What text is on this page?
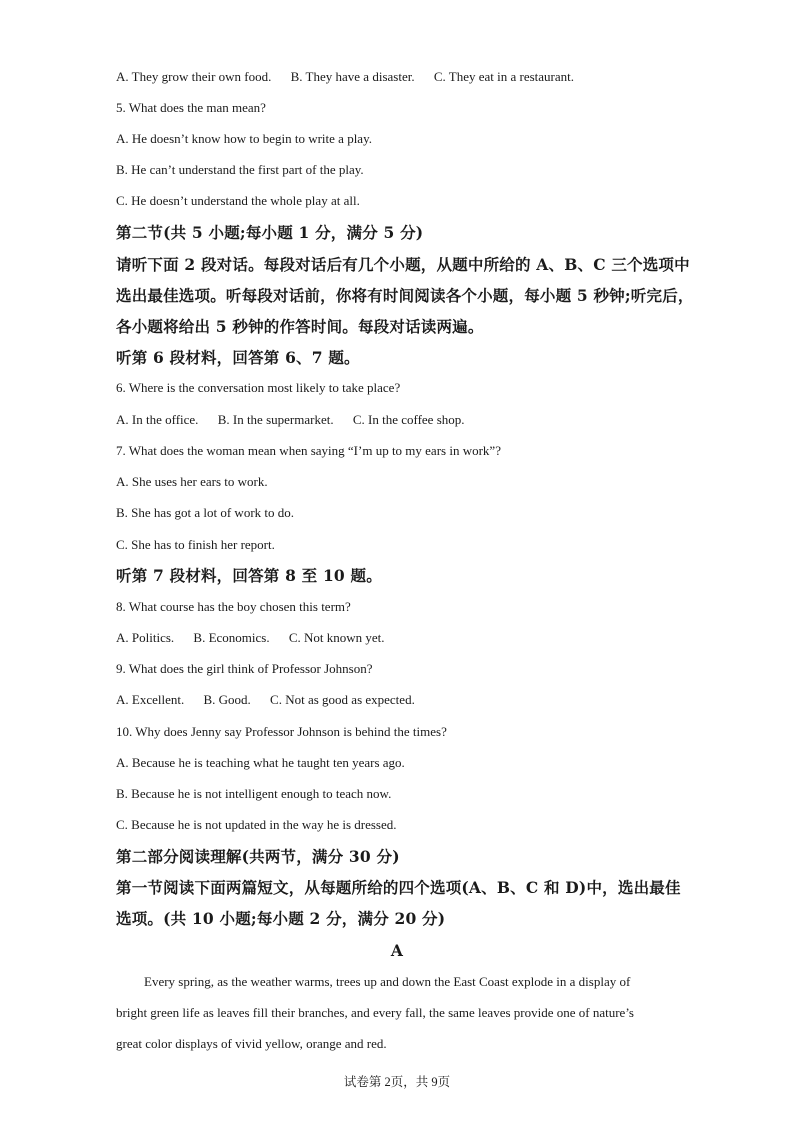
A. They grow their own food. B. They have a disaster. C. They eat in a restaurant.
5. What does the man mean?
A. He doesn’t know how to begin to write a play.
B. He can’t understand the first part of the play.
C. He doesn’t understand the whole play at all.
第二节(共 5 小题;每小题 1 分，满分 5 分)
请听下面 2 段对话。每段对话后有几个小题，从题中所给的 A、B、C 三个选项中
选出最佳选项。听每段对话前，你将有时间阅读各个小题，每小题 5 秒钟;听完后，
各小题将给出 5 秒钟的作答时间。每段对话读两遍。
听第 6 段材料，回答第 6、7 题。
6. Where is the conversation most likely to take place?
A. In the office. B. In the supermarket. C. In the coffee shop.
7. What does the woman mean when saying “I’m up to my ears in work”?
A. She uses her ears to work.
B. She has got a lot of work to do.
C. She has to finish her report.
听第 7 段材料，回答第 8 至 10 题。
8. What course has the boy chosen this term?
A. Politics. B. Economics. C. Not known yet.
9. What does the girl think of Professor Johnson?
A. Excellent. B. Good. C. Not as good as expected.
10. Why does Jenny say Professor Johnson is behind the times?
A. Because he is teaching what he taught ten years ago.
B. Because he is not intelligent enough to teach now.
C. Because he is not updated in the way he is dressed.
第二部分阅读理解(共两节，满分 30 分)
第一节阅读下面两篇短文，从每题所给的四个选项(A、B、C 和 D)中，选出最佳
选项。(共 10 小题;每小题 2 分，满分 20 分)
A
Every spring, as the weather warms, trees up and down the East Coast explode in a display of
bright green life as leaves fill their branches, and every fall, the same leaves provide one of nature’s
great color displays of vivid yellow, orange and red.
试卷第 2页，共 9页
